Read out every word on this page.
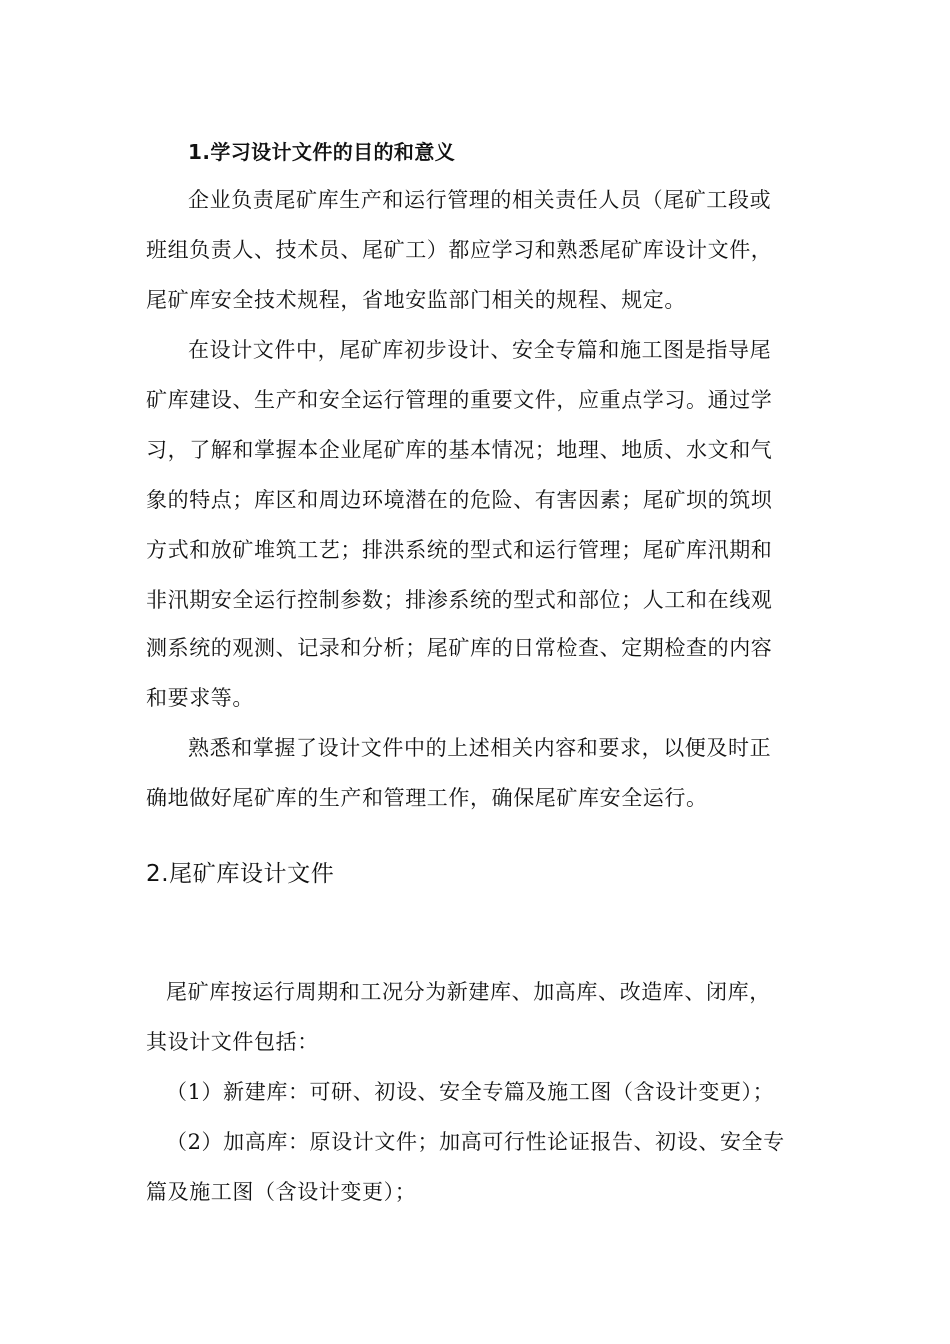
1.学习设计文件的目的和意义
企业负责尾矿库生产和运行管理的相关责任人员（尾矿工段或
班组负责人、技术员、尾矿工）都应学习和熟悉尾矿库设计文件，
尾矿库安全技术规程，省地安监部门相关的规程、规定。
在设计文件中，尾矿库初步设计、安全专篇和施工图是指导尾
矿库建设、生产和安全运行管理的重要文件，应重点学习。通过学
习，了解和掌握本企业尾矿库的基本情况；地理、地质、水文和气
象的特点；库区和周边环境潜在的危险、有害因素；尾矿坝的筑坝
方式和放矿堆筑工艺；排洪系统的型式和运行管理；尾矿库汛期和
非汛期安全运行控制参数；排渗系统的型式和部位；人工和在线观
测系统的观测、记录和分析；尾矿库的日常检查、定期检查的内容
和要求等。
熟悉和掌握了设计文件中的上述相关内容和要求，以便及时正
确地做好尾矿库的生产和管理工作，确保尾矿库安全运行。
2.尾矿库设计文件
尾矿库按运行周期和工况分为新建库、加高库、改造库、闭库，
其设计文件包括：
（1）新建库：可研、初设、安全专篇及施工图（含设计变更）；
（2）加高库：原设计文件；加高可行性论证报告、初设、安全专
篇及施工图（含设计变更）；
